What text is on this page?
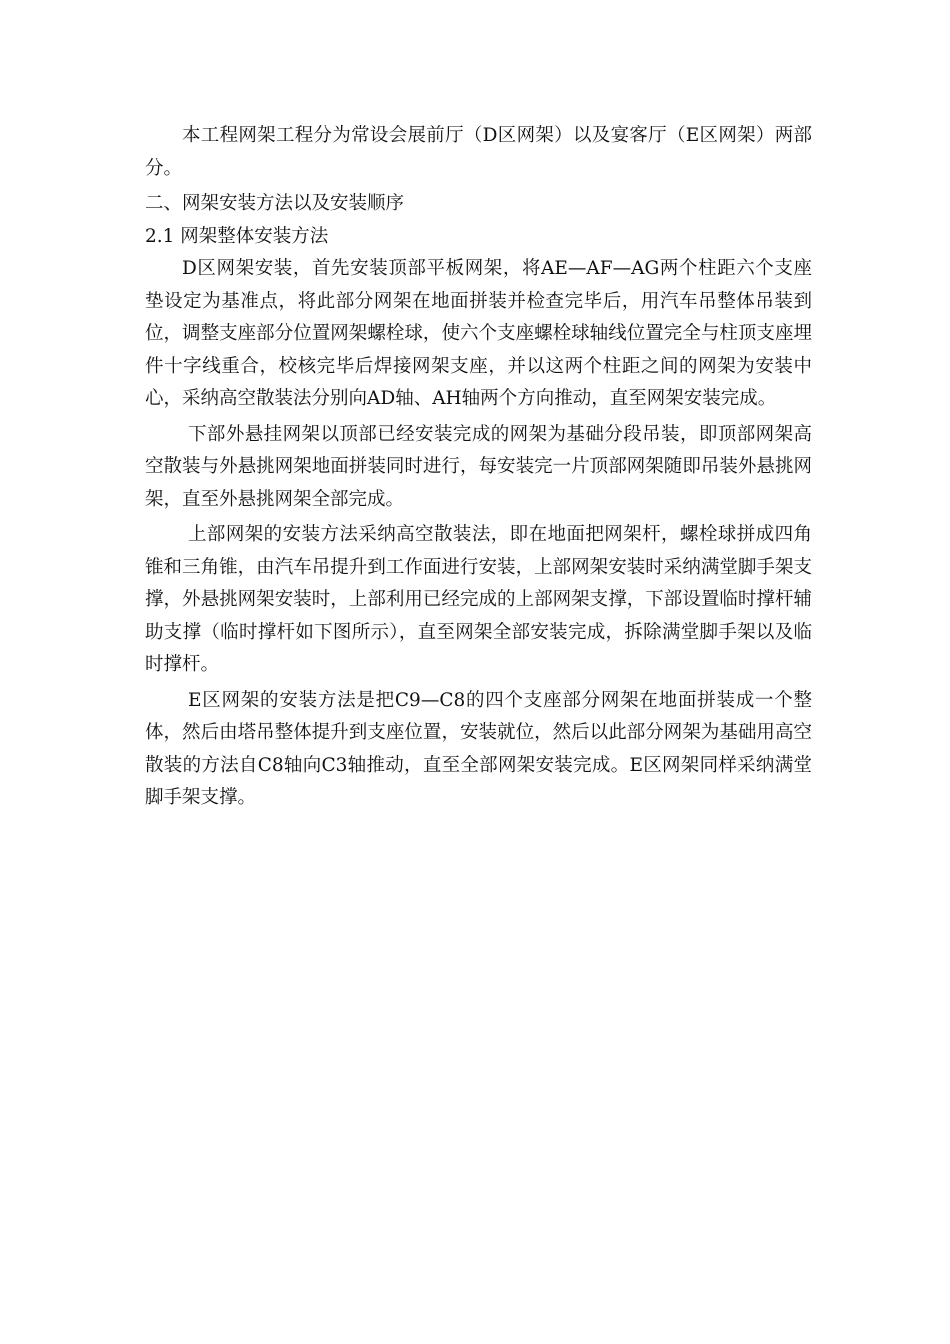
本工程网架工程分为常设会展前厅（D区网架）以及宴客厅（E区网架）两部分。

二、网架安装方法以及安装顺序

2.1 网架整体安装方法

D区网架安装，首先安装顶部平板网架，将AE—AF—AG两个柱距六个支座垫设定为基准点，将此部分网架在地面拼装并检查完毕后，用汽车吊整体吊装到位，调整支座部分位置网架螺栓球，使六个支座螺栓球轴线位置完全与柱顶支座埋件十字线重合，校核完毕后焊接网架支座，并以这两个柱距之间的网架为安装中心，采纳高空散装法分别向AD轴、AH轴两个方向推动，直至网架安装完成。

下部外悬挂网架以顶部已经安装完成的网架为基础分段吊装，即顶部网架高空散装与外悬挑网架地面拼装同时进行，每安装完一片顶部网架随即吊装外悬挑网架，直至外悬挑网架全部完成。

上部网架的安装方法采纳高空散装法，即在地面把网架杆，螺栓球拼成四角锥和三角锥，由汽车吊提升到工作面进行安装，上部网架安装时采纳满堂脚手架支撑，外悬挑网架安装时，上部利用已经完成的上部网架支撑，下部设置临时撑杆辅助支撑（临时撑杆如下图所示），直至网架全部安装完成，拆除满堂脚手架以及临时撑杆。

E区网架的安装方法是把C9—C8的四个支座部分网架在地面拼装成一个整体，然后由塔吊整体提升到支座位置，安装就位，然后以此部分网架为基础用高空散装的方法自C8轴向C3轴推动，直至全部网架安装完成。E区网架同样采纳满堂脚手架支撑。
